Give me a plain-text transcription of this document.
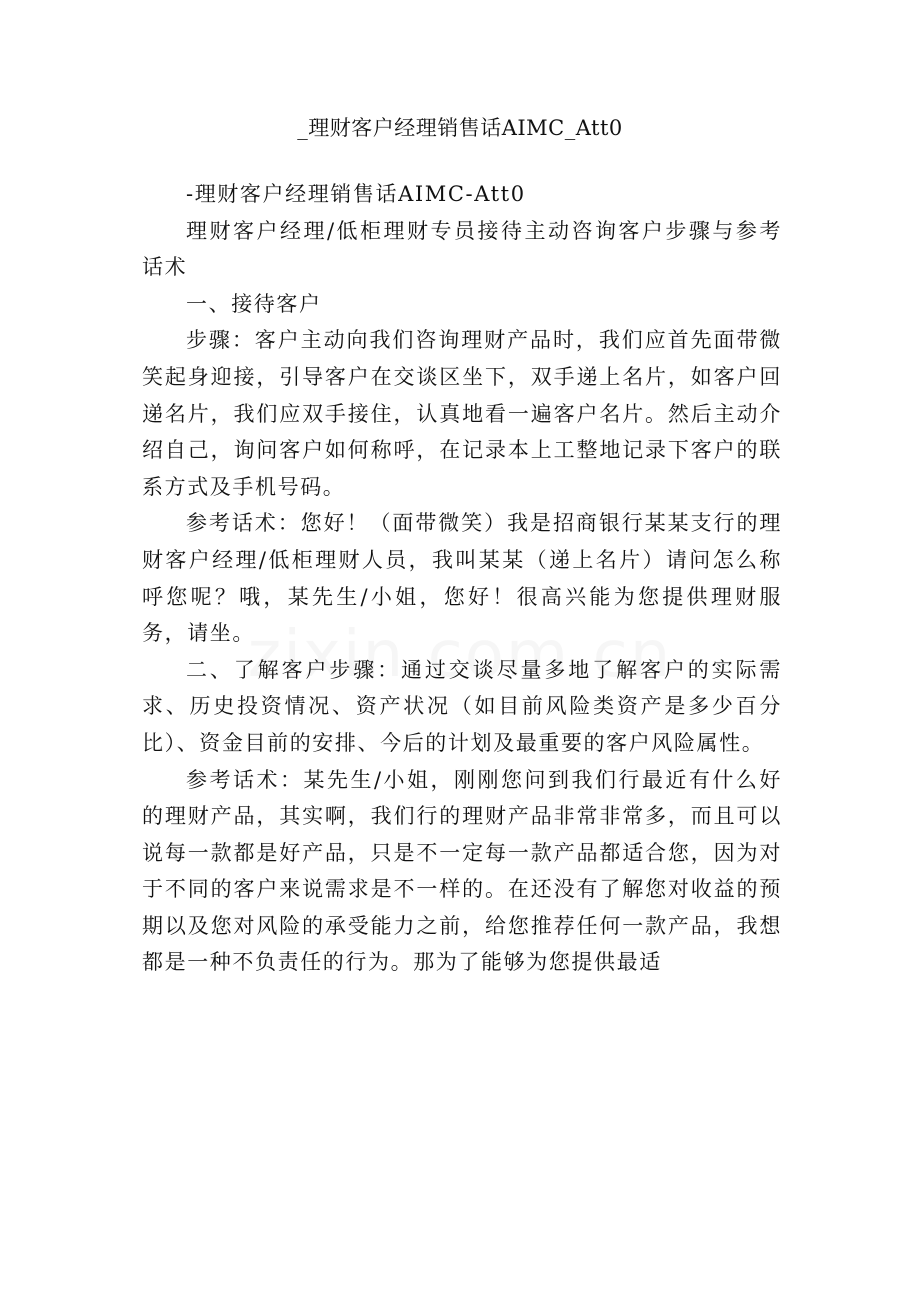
_理财客户经理销售话AIMC_Att0

-理财客户经理销售话AIMC-Att0

理财客户经理/低柜理财专员接待主动咨询客户步骤与参考话术

一、接待客户

步骤：客户主动向我们咨询理财产品时，我们应首先面带微笑起身迎接，引导客户在交谈区坐下，双手递上名片，如客户回递名片，我们应双手接住，认真地看一遍客户名片。然后主动介绍自己，询问客户如何称呼，在记录本上工整地记录下客户的联系方式及手机号码。

参考话术：您好！（面带微笑）我是招商银行某某支行的理财客户经理/低柜理财人员，我叫某某（递上名片）请问怎么称呼您呢？哦，某先生/小姐，您好！很高兴能为您提供理财服务，请坐。

二、了解客户步骤：通过交谈尽量多地了解客户的实际需求、历史投资情况、资产状况（如目前风险类资产是多少百分比）、资金目前的安排、今后的计划及最重要的客户风险属性。

参考话术：某先生/小姐，刚刚您问到我们行最近有什么好的理财产品，其实啊，我们行的理财产品非常非常多，而且可以说每一款都是好产品，只是不一定每一款产品都适合您，因为对于不同的客户来说需求是不一样的。在还没有了解您对收益的预期以及您对风险的承受能力之前，给您推荐任何一款产品，我想都是一种不负责任的行为。那为了能够为您提供最适
